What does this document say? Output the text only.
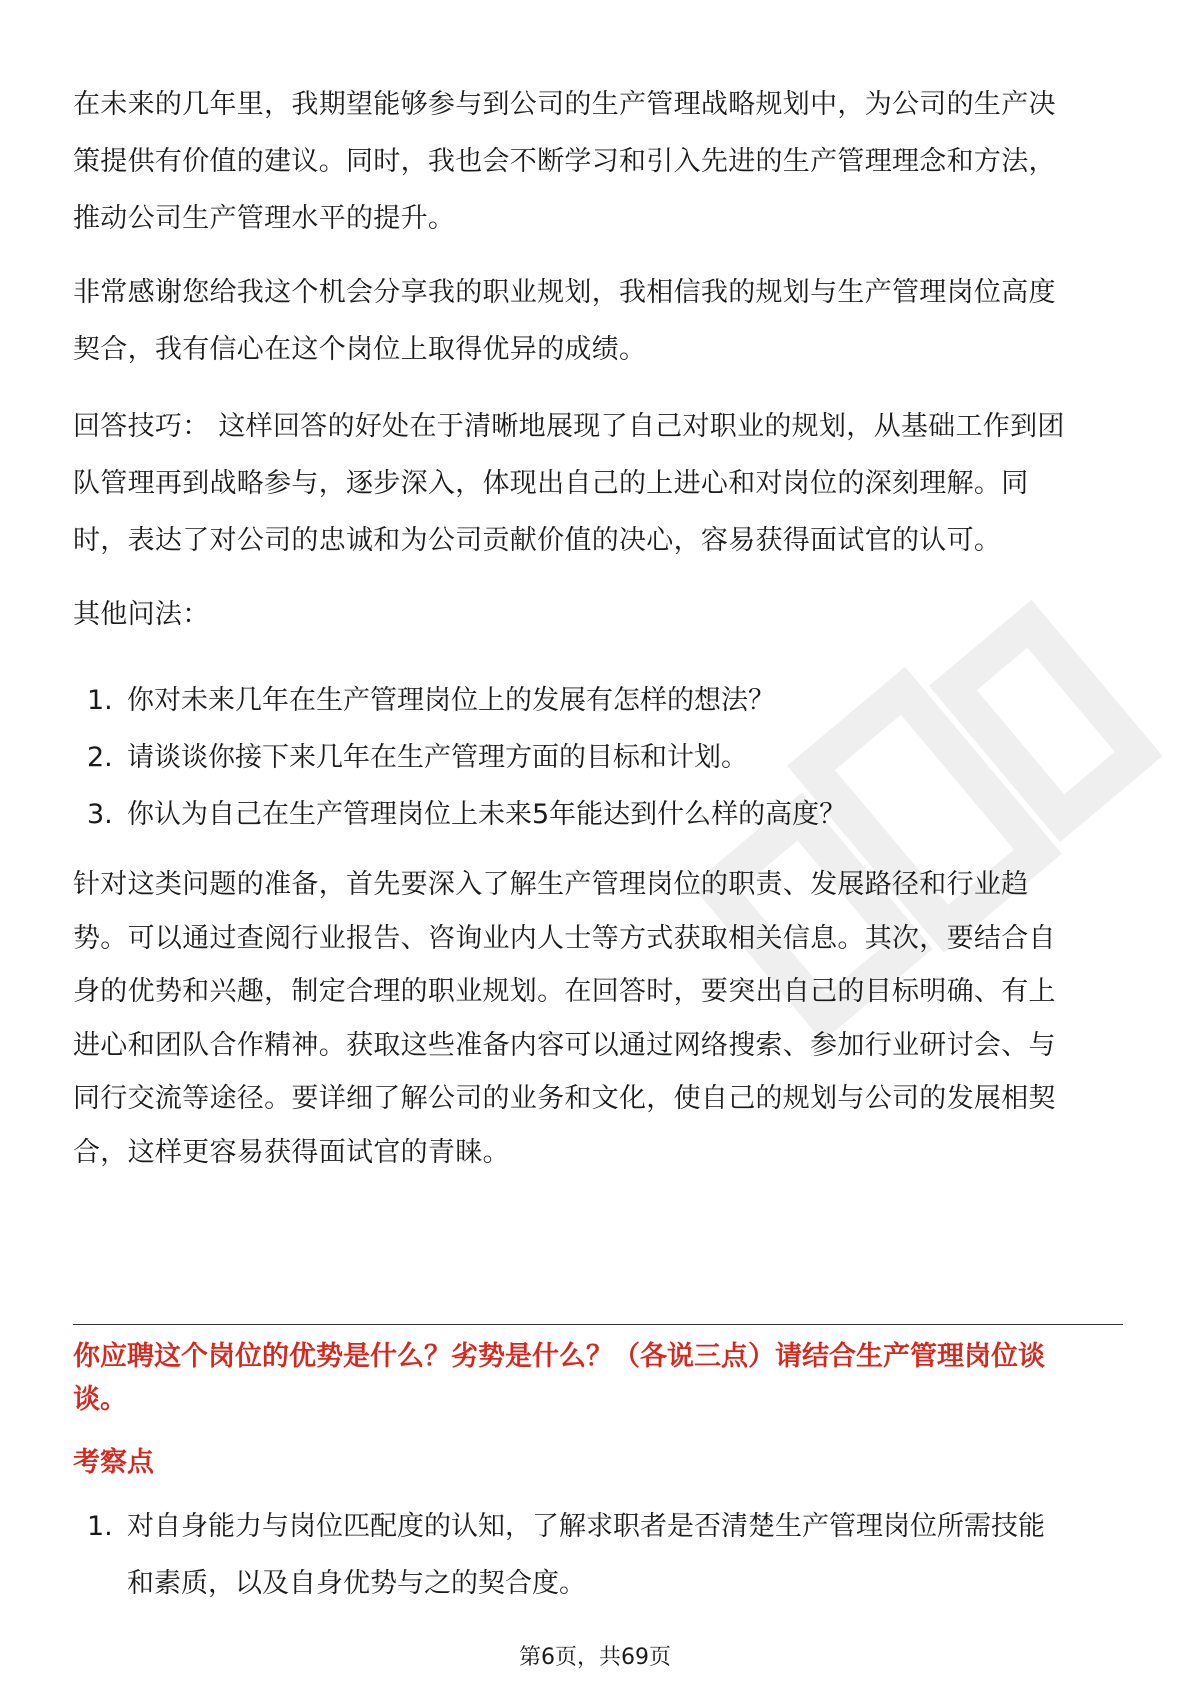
在未来的几年里，我期望能够参与到公司的生产管理战略规划中，为公司的生产决
策提供有价值的建议。同时，我也会不断学习和引入先进的生产管理理念和方法，
推动公司生产管理水平的提升。

非常感谢您给我这个机会分享我的职业规划，我相信我的规划与生产管理岗位高度
契合，我有信心在这个岗位上取得优异的成绩。

回答技巧： 这样回答的好处在于清晰地展现了自己对职业的规划，从基础工作到团
队管理再到战略参与，逐步深入，体现出自己的上进心和对岗位的深刻理解。同
时，表达了对公司的忠诚和为公司贡献价值的决心，容易获得面试官的认可。

其他问法：

1. 你对未来几年在生产管理岗位上的发展有怎样的想法？
2. 请谈谈你接下来几年在生产管理方面的目标和计划。
3. 你认为自己在生产管理岗位上未来5年能达到什么样的高度？

针对这类问题的准备，首先要深入了解生产管理岗位的职责、发展路径和行业趋
势。可以通过查阅行业报告、咨询业内人士等方式获取相关信息。其次，要结合自
身的优势和兴趣，制定合理的职业规划。在回答时，要突出自己的目标明确、有上
进心和团队合作精神。获取这些准备内容可以通过网络搜索、参加行业研讨会、与
同行交流等途径。要详细了解公司的业务和文化，使自己的规划与公司的发展相契
合，这样更容易获得面试官的青睐。

你应聘这个岗位的优势是什么？劣势是什么？（各说三点）请结合生产管理岗位谈
谈。

考察点

1. 对自身能力与岗位匹配度的认知，了解求职者是否清楚生产管理岗位所需技能
和素质，以及自身优势与之的契合度。
第6页，共69页
